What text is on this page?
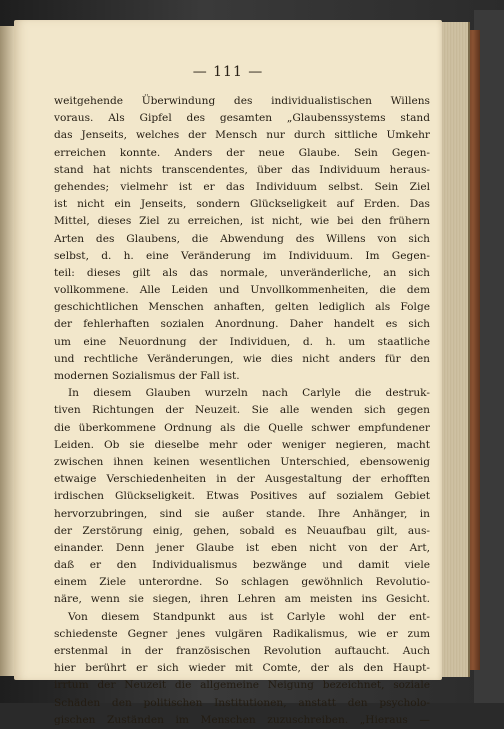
— 111 —
weitgehende Überwindung des individualistischen Willens
voraus. Als Gipfel des gesamten „Glaubenssystems stand
das Jenseits, welches der Mensch nur durch sittliche Umkehr
erreichen konnte. Anders der neue Glaube. Sein Gegen-
stand hat nichts transcendentes, über das Individuum heraus-
gehendes; vielmehr ist er das Individuum selbst. Sein Ziel
ist nicht ein Jenseits, sondern Glückseligkeit auf Erden. Das
Mittel, dieses Ziel zu erreichen, ist nicht, wie bei den frühern
Arten des Glaubens, die Abwendung des Willens von sich
selbst, d. h. eine Veränderung im Individuum. Im Gegen-
teil: dieses gilt als das normale, unveränderliche, an sich
vollkommene. Alle Leiden und Unvollkommenheiten, die dem
geschichtlichen Menschen anhaften, gelten lediglich als Folge
der fehlerhaften sozialen Anordnung. Daher handelt es sich
um eine Neuordnung der Individuen, d. h. um staatliche
und rechtliche Veränderungen, wie dies nicht anders für den
modernen Sozialismus der Fall ist.
In diesem Glauben wurzeln nach Carlyle die destruk-
tiven Richtungen der Neuzeit. Sie alle wenden sich gegen
die überkommene Ordnung als die Quelle schwer empfundener
Leiden. Ob sie dieselbe mehr oder weniger negieren, macht
zwischen ihnen keinen wesentlichen Unterschied, ebensowenig
etwaige Verschiedenheiten in der Ausgestaltung der erhofften
irdischen Glückseligkeit. Etwas Positives auf sozialem Gebiet
hervorzubringen, sind sie außer stande. Ihre Anhänger, in
der Zerstörung einig, gehen, sobald es Neuaufbau gilt, aus-
einander. Denn jener Glaube ist eben nicht von der Art,
daß er den Individualismus bezwänge und damit viele
einem Ziele unterordne. So schlagen gewöhnlich Revolutio-
näre, wenn sie siegen, ihren Lehren am meisten ins Gesicht.
Von diesem Standpunkt aus ist Carlyle wohl der ent-
schiedenste Gegner jenes vulgären Radikalismus, wie er zum
erstenmal in der französischen Revolution auftaucht. Auch
hier berührt er sich wieder mit Comte, der als den Haupt-
irrtum der Neuzeit die allgemeine Neigung bezeichnet, soziale
Schäden den politischen Institutionen, anstatt den psycholo-
gischen Zuständen im Menschen zuzuschreiben. „Hieraus —
